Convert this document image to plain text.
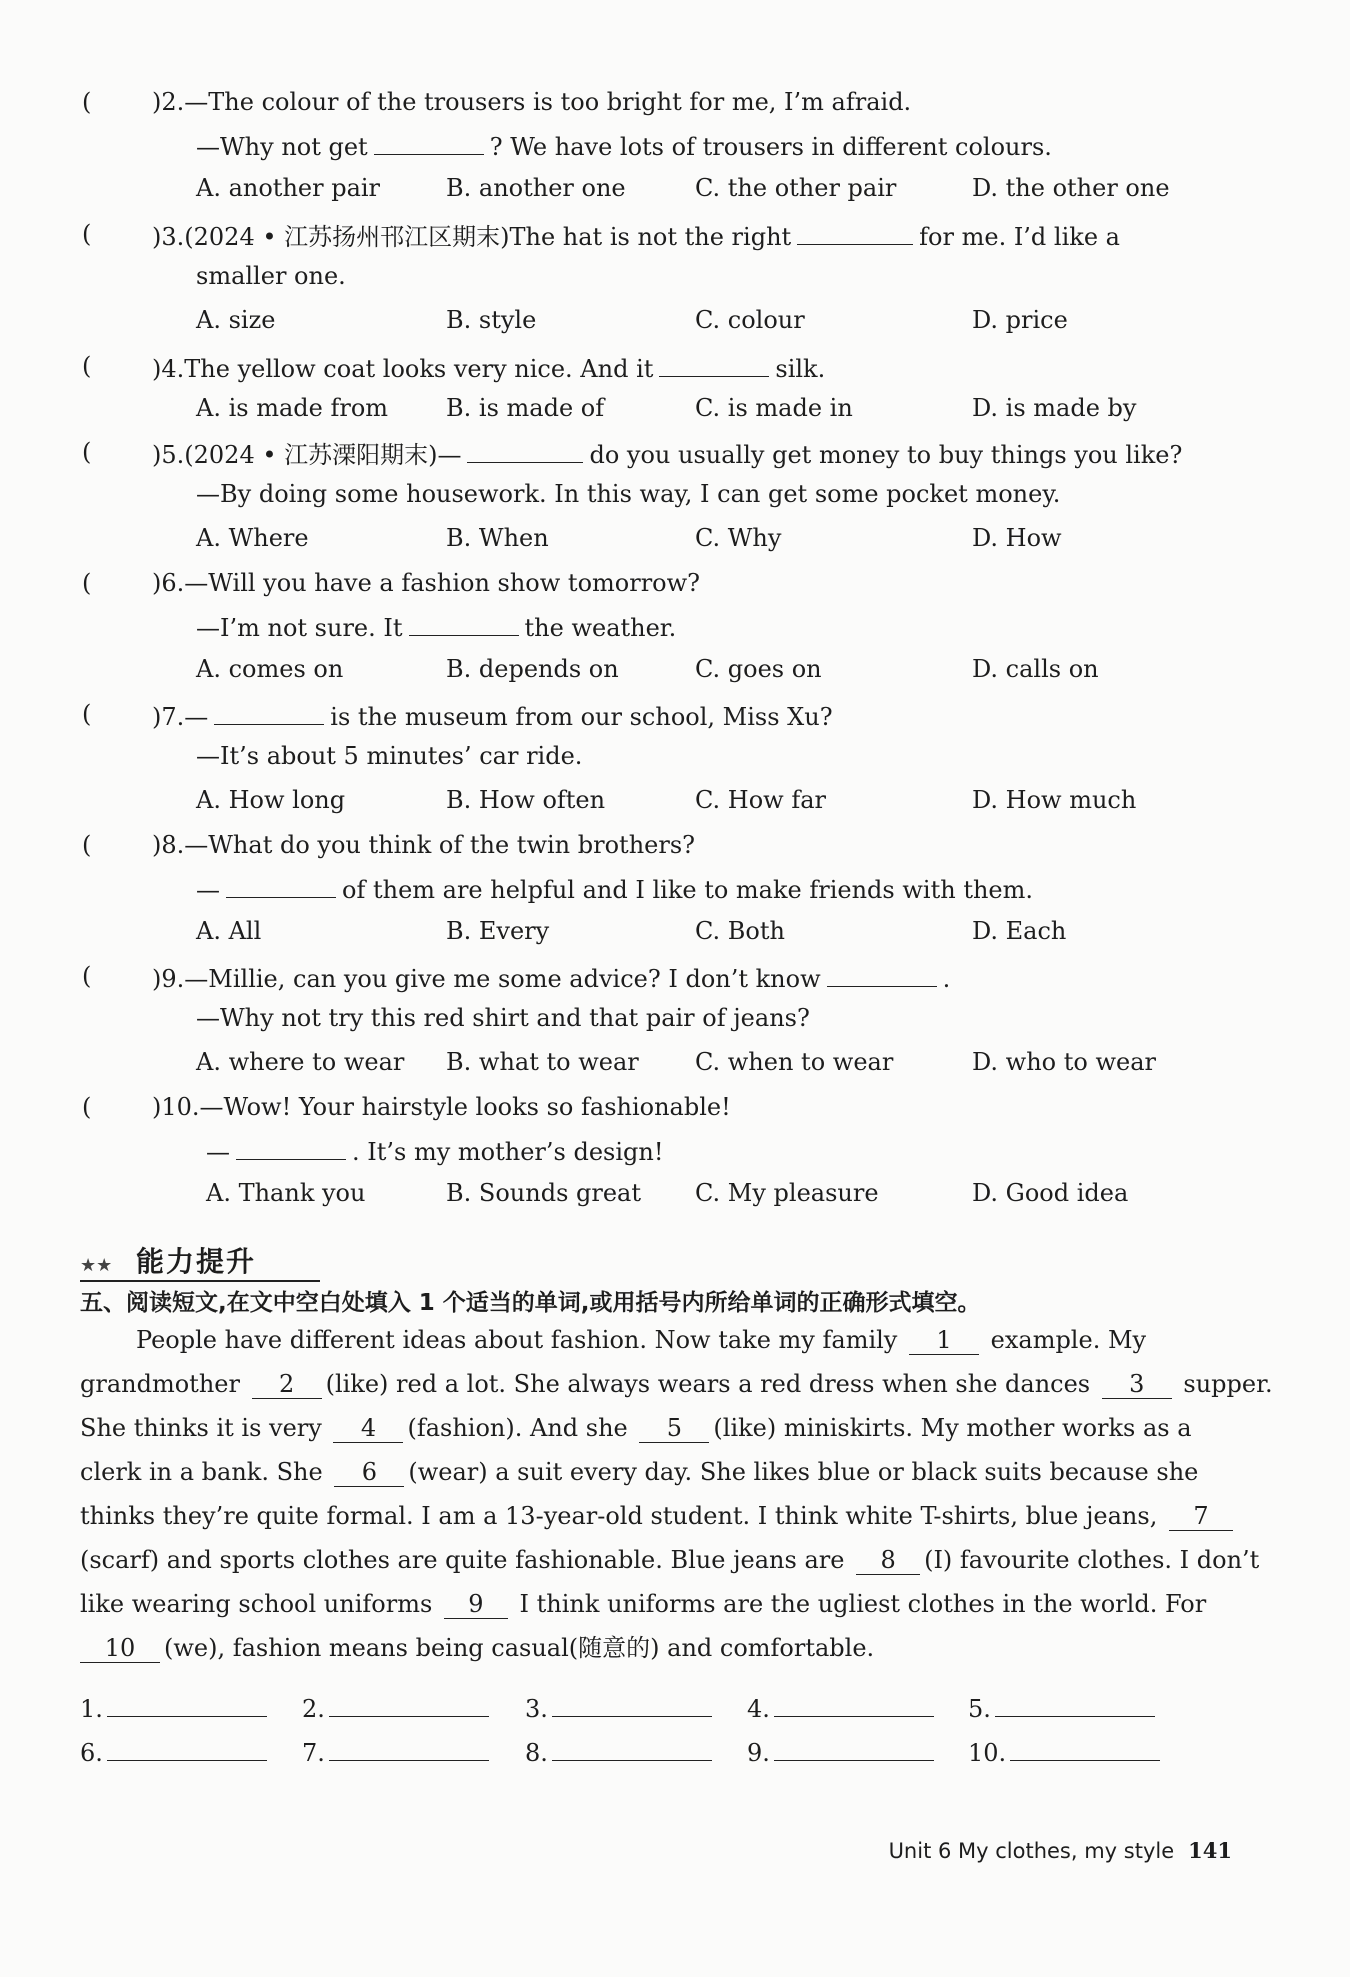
(	)2.—The colour of the trousers is too bright for me, I’m afraid.
—Why not get	? We have lots of trousers in different colours.
A. another pair	B. another one	C. the other pair	D. the other one
(	)3.(2024 • 江苏扬州邗江区期末)The hat is not the right	for me. I’d like a
smaller one.
A. size	B. style	C. colour	D. price
(	)4.The yellow coat looks very nice. And it	silk.
A. is made from B. is made of	C. is made in	D. is made by
(	)5.(2024 • 江苏溧阳期末)—	do you usually get money to buy things you like?
—By doing some housework. In this way, I can get some pocket money.
A. Where	B. When	C. Why	D. How
(	)6.—Will you have a fashion show tomorrow?
—I’m not sure. It	the weather.
A. comes on	B. depends on	C. goes on	D. calls on
(	)7.—	is the museum from our school, Miss Xu?
—It’s about 5 minutes’ car ride.
A. How long	B. How often	C. How far	D. How much
(	)8.—What do you think of the twin brothers?
—	of them are helpful and I like to make friends with them.
A. All	B. Every	C. Both	D. Each
(	)9.—Millie, can you give me some advice? I don’t know	.
—Why not try this red shirt and that pair of jeans?
A. where to wear B. what to wear C. when to wear	D. who to wear
(	)10.—Wow! Your hairstyle looks so fashionable!
—	. It’s my mother’s design!
A. Thank you	B. Sounds great C. My pleasure	D. Good idea
★★ 能力提升
五、阅读短文,在文中空白处填入 1 个适当的单词,或用括号内所给单词的正确形式填空。
People have different ideas about fashion. Now take my family 1 example. My
grandmother 2 (like) red a lot. She always wears a red dress when she dances 3 supper.
She thinks it is very 4 (fashion). And she 5 (like) miniskirts. My mother works as a
clerk in a bank. She 6 (wear) a suit every day. She likes blue or black suits because she
thinks they’re quite formal. I am a 13-year-old student. I think white T-shirts, blue jeans, 7
(scarf) and sports clothes are quite fashionable. Blue jeans are 8 (I) favourite clothes. I don’t
like wearing school uniforms 9 I think uniforms are the ugliest clothes in the world. For
10 (we), fashion means being casual(随意的) and comfortable.
1.	2.	3.	4.	5.
6.	7.	8.	9.	10.
Unit 6 My clothes, my style 141
